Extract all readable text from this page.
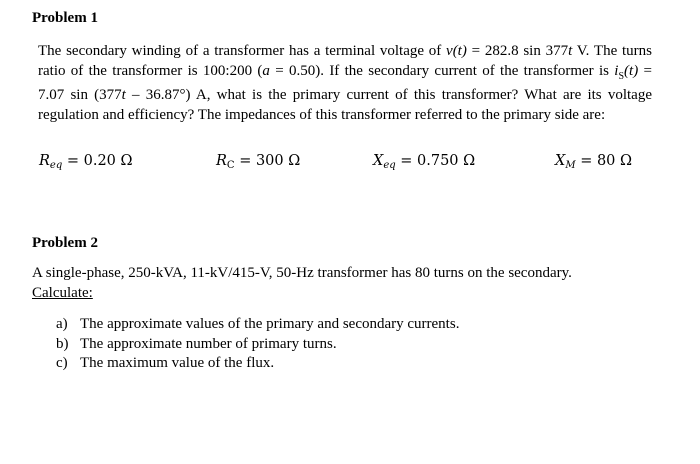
Problem 1

The secondary winding of a transformer has a terminal voltage of v(t) = 282.8 sin 377t V. The turns ratio of the transformer is 100:200 (a = 0.50). If the secondary current of the transformer is $i_S(t) = 7.07$ sin (377t – 36.87°) A, what is the primary current of this transformer? What are its voltage regulation and efficiency? The impedances of this transformer referred to the primary side are:

$R_{eq} = 0.20$ Ω	$R_C = 300$ Ω	$X_{eq} = 0.750$ Ω	$X_M = 80$ Ω

Problem 2

A single-phase, 250-kVA, 11-kV/415-V, 50-Hz transformer has 80 turns on the secondary.
Calculate:

a) The approximate values of the primary and secondary currents.
b) The approximate number of primary turns.
c) The maximum value of the flux.
